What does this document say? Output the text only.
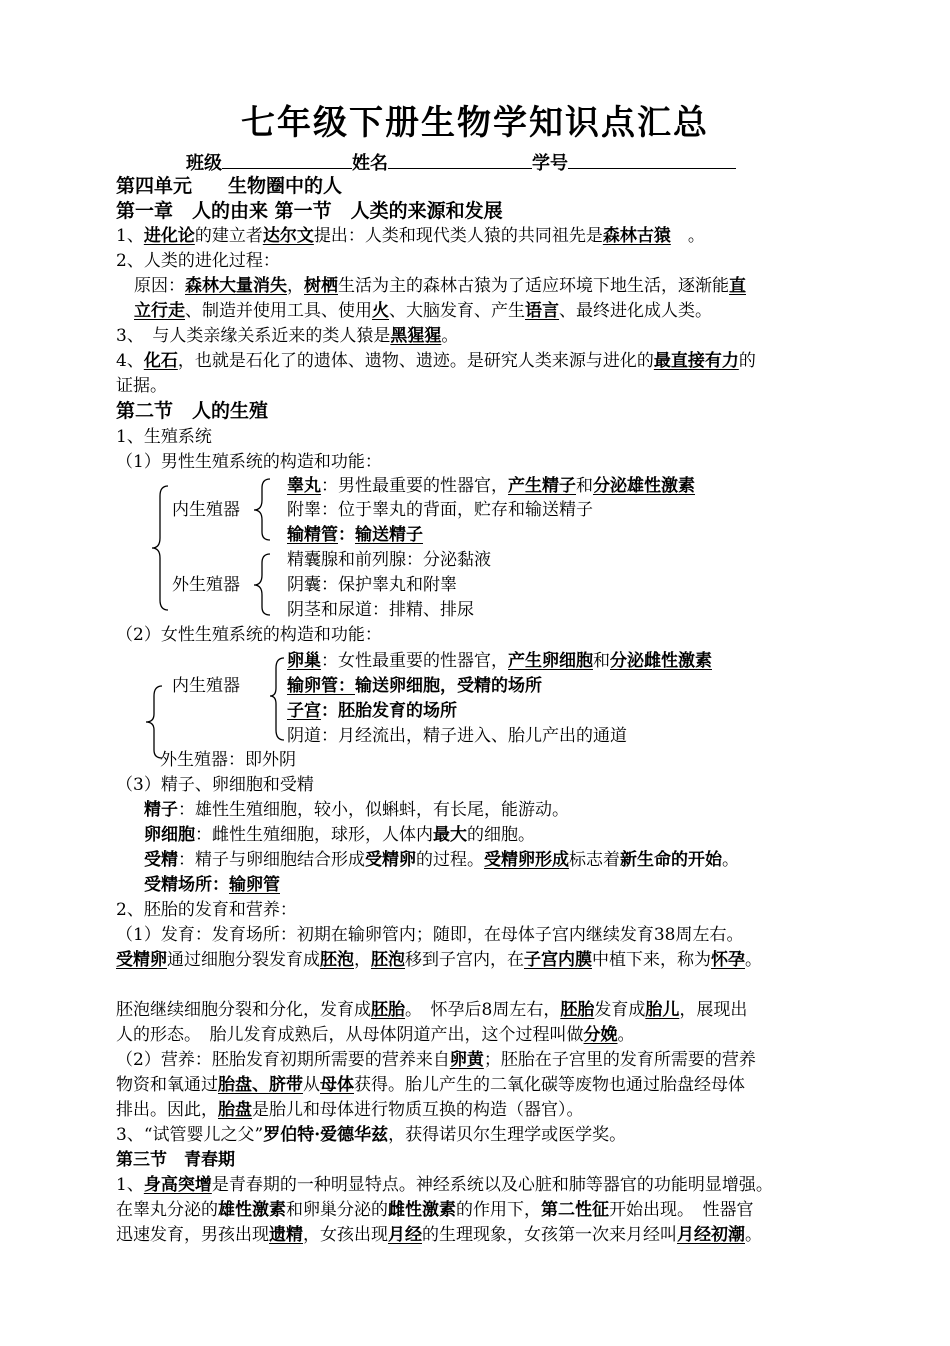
七年级下册生物学知识点汇总
班级	姓名	学号
第四单元 生物圈中的人
第一章　人的由来 第一节　人类的来源和发展
1、进化论的建立者达尔文提出：人类和现代类人猿的共同祖先是森林古猿　。
2、人类的进化过程：
原因：森林大量消失，树栖生活为主的森林古猿为了适应环境下地生活，逐渐能直
立行走、制造并使用工具、使用火、大脑发育、产生语言、最终进化成人类。
3、　与人类亲缘关系近来的类人猿是黑猩猩。
4、化石，也就是石化了的遗体、遗物、遗迹。是研究人类来源与进化的最直接有力的
证据。
第二节　人的生殖
1、生殖系统
（1）男性生殖系统的构造和功能：
内生殖器
外生殖器
睾丸：男性最重要的性器官，产生精子和分泌雄性激素
附睾：位于睾丸的背面，贮存和输送精子
输精管：输送精子
精囊腺和前列腺：分泌黏液
阴囊：保护睾丸和附睾
阴茎和尿道：排精、排尿
（2）女性生殖系统的构造和功能：
内生殖器
外生殖器：即外阴
卵巢：女性最重要的性器官，产生卵细胞和分泌雌性激素
输卵管：输送卵细胞，受精的场所
子宫：胚胎发育的场所
阴道：月经流出，精子进入、胎儿产出的通道
（3）精子、卵细胞和受精
精子：雄性生殖细胞，较小，似蝌蚪，有长尾，能游动。
卵细胞：雌性生殖细胞，球形，人体内最大的细胞。
受精：精子与卵细胞结合形成受精卵的过程。受精卵形成标志着新生命的开始。
受精场所：输卵管
2、胚胎的发育和营养：
（1）发育：发育场所：初期在输卵管内；随即，在母体子宫内继续发育38周左右。
受精卵通过细胞分裂发育成胚泡，胚泡移到子宫内，在子宫内膜中植下来，称为怀孕。
胚泡继续细胞分裂和分化，发育成胚胎。　怀孕后8周左右，胚胎发育成胎儿，展现出
人的形态。　胎儿发育成熟后，从母体阴道产出，这个过程叫做分娩。
（2）营养：胚胎发育初期所需要的营养来自卵黄；胚胎在子宫里的发育所需要的营养
物资和氧通过胎盘、脐带从母体获得。胎儿产生的二氧化碳等废物也通过胎盘经母体
排出。因此，胎盘是胎儿和母体进行物质互换的构造（器官）。
3、“试管婴儿之父”罗伯特·爱德华兹，获得诺贝尔生理学或医学奖。
第三节　青春期
1、身高突增是青春期的一种明显特点。神经系统以及心脏和肺等器官的功能明显增强。
在睾丸分泌的雄性激素和卵巢分泌的雌性激素的作用下，第二性征开始出现。　性器官
迅速发育，男孩出现遗精，女孩出现月经的生理现象，女孩第一次来月经叫月经初潮。
